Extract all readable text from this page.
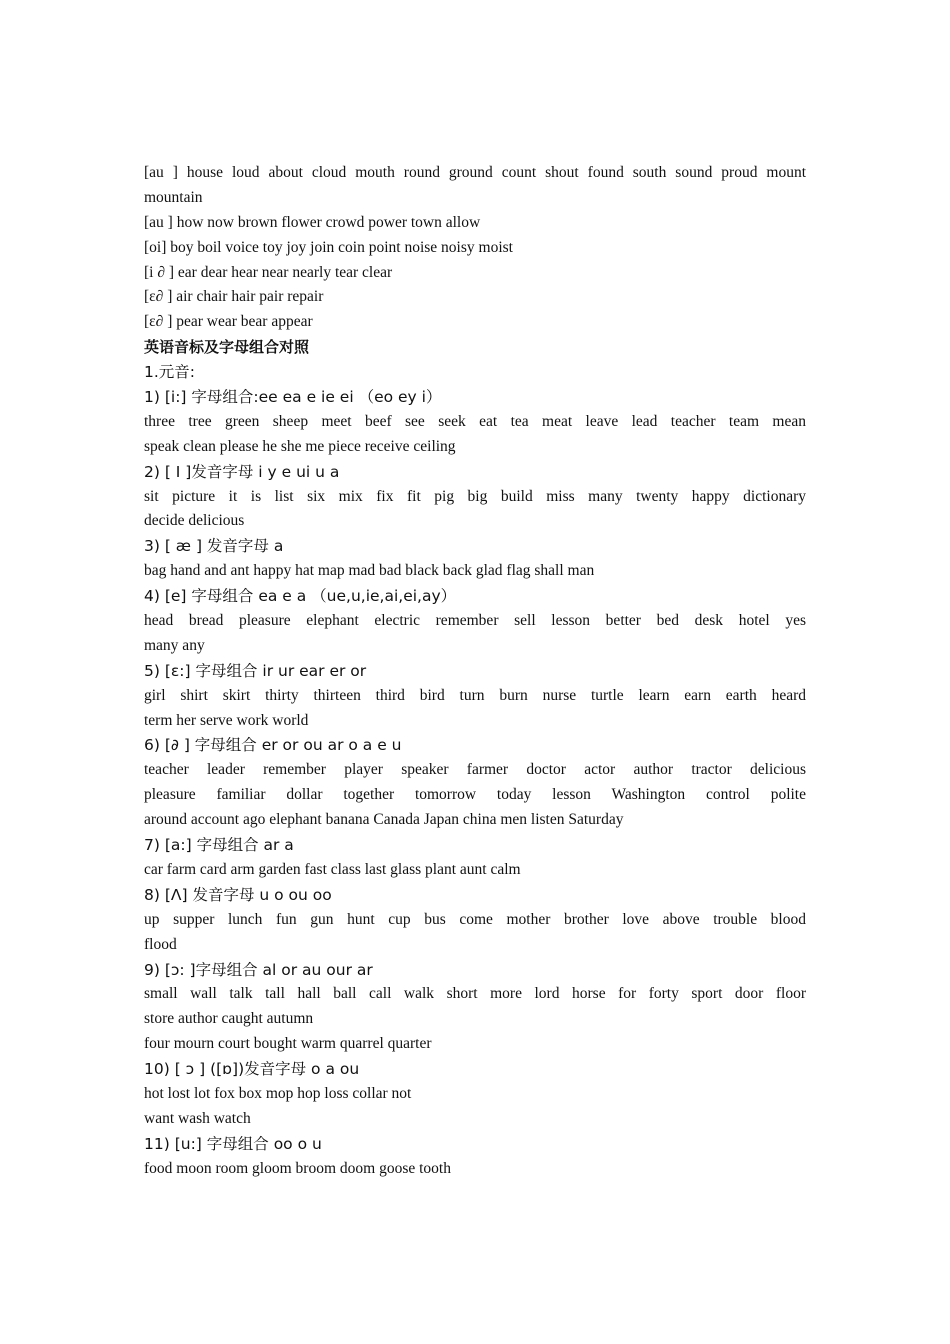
[au ] house loud about cloud mouth round ground count shout found south sound proud mount
mountain
[au ] how now brown flower crowd power town allow
[oi] boy boil voice toy joy join coin point noise noisy moist
[i ∂ ] ear dear hear near nearly tear clear
[ε∂ ] air chair hair pair repair
[ε∂ ] pear wear bear appear
英语音标及字母组合对照
1.元音:
1) [i:] 字母组合:ee ea e ie ei （eo ey i）
three tree green sheep meet beef see seek eat tea meat leave lead teacher team mean
speak clean please he she me piece receive ceiling
2) [ I ]发音字母 i y e ui u a
sit picture it is list six mix fix fit pig big build miss many twenty happy dictionary
decide delicious
3) [ æ ] 发音字母 a
bag hand and ant happy hat map mad bad black back glad flag shall man
4) [e] 字母组合 ea e a （ue,u,ie,ai,ei,ay）
head bread pleasure elephant electric remember sell lesson better bed desk hotel yes
many any
5) [ε:] 字母组合 ir ur ear er or
girl shirt skirt thirty thirteen third bird turn burn nurse turtle learn earn earth heard
term her serve work world
6) [∂ ] 字母组合 er or ou ar o a e u
teacher leader remember player speaker farmer doctor actor author tractor delicious
pleasure familiar dollar together tomorrow today lesson Washington control polite
around account ago elephant banana Canada Japan china men listen Saturday
7) [a:] 字母组合 ar a
car farm card arm garden fast class last glass plant aunt calm
8) [Λ] 发音字母 u o ou oo
up supper lunch fun gun hunt cup bus come mother brother love above trouble blood
flood
9) [ɔ: ]字母组合 al or au our ar
small wall talk tall hall ball call walk short more lord horse for forty sport door floor
store author caught autumn
four mourn court bought warm quarrel quarter
10) [ ɔ ] ([ɒ])发音字母 o a ou
hot lost lot fox box mop hop loss collar not
want wash watch
11) [u:] 字母组合 oo o u
food moon room gloom broom doom goose tooth
